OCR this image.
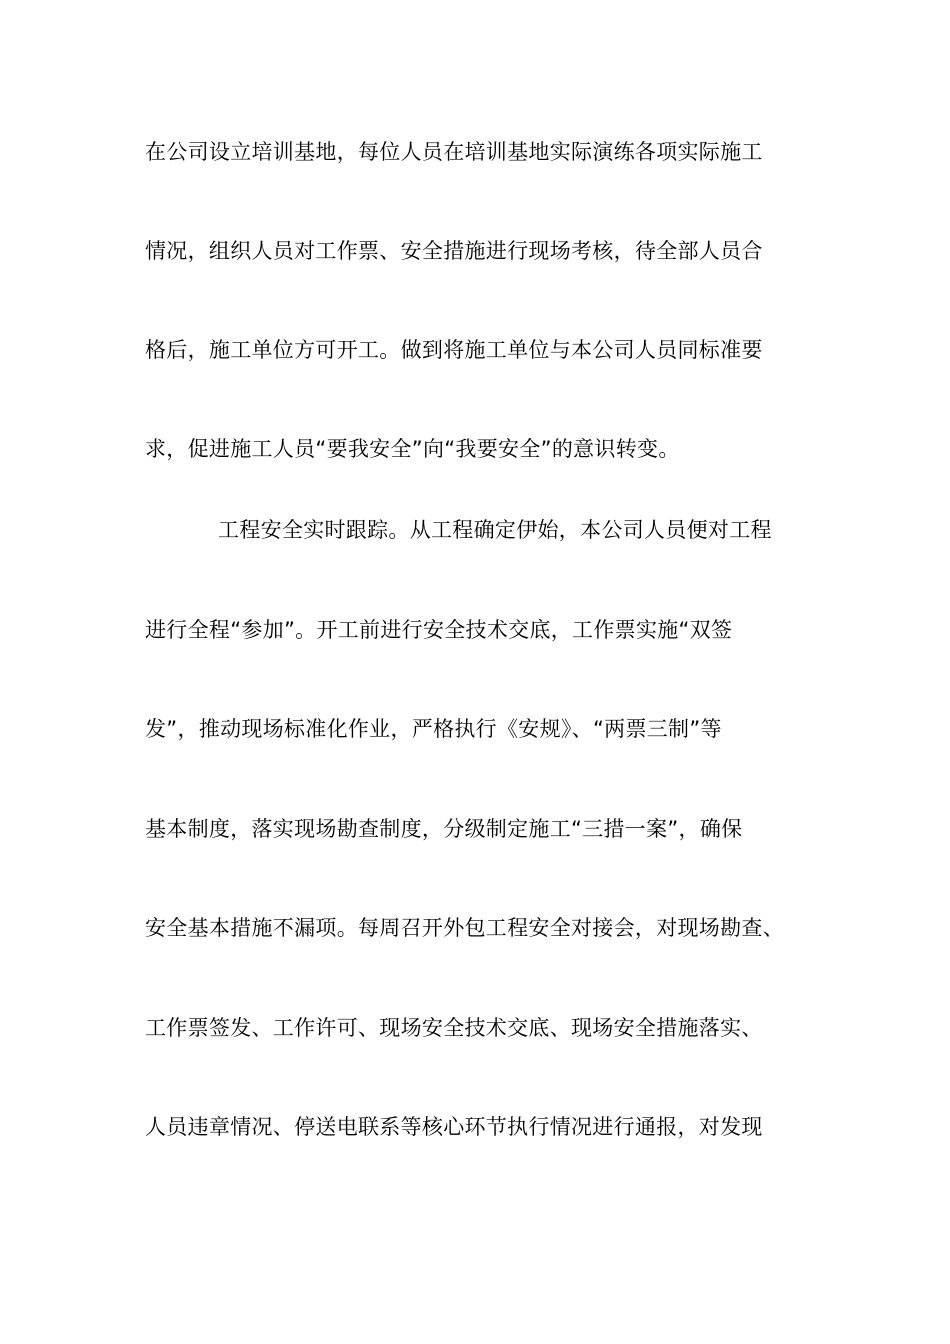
在公司设立培训基地，每位人员在培训基地实际演练各项实际施工
情况，组织人员对工作票、安全措施进行现场考核，待全部人员合
格后，施工单位方可开工。做到将施工单位与本公司人员同标准要
求，促进施工人员“要我安全”向“我要安全”的意识转变。
工程安全实时跟踪。从工程确定伊始，本公司人员便对工程
进行全程“参加”。开工前进行安全技术交底，工作票实施“双签
发”，推动现场标准化作业，严格执行《安规》、“两票三制”等
基本制度，落实现场勘查制度，分级制定施工“三措一案”，确保
安全基本措施不漏项。每周召开外包工程安全对接会，对现场勘查、
工作票签发、工作许可、现场安全技术交底、现场安全措施落实、
人员违章情况、停送电联系等核心环节执行情况进行通报，对发现
